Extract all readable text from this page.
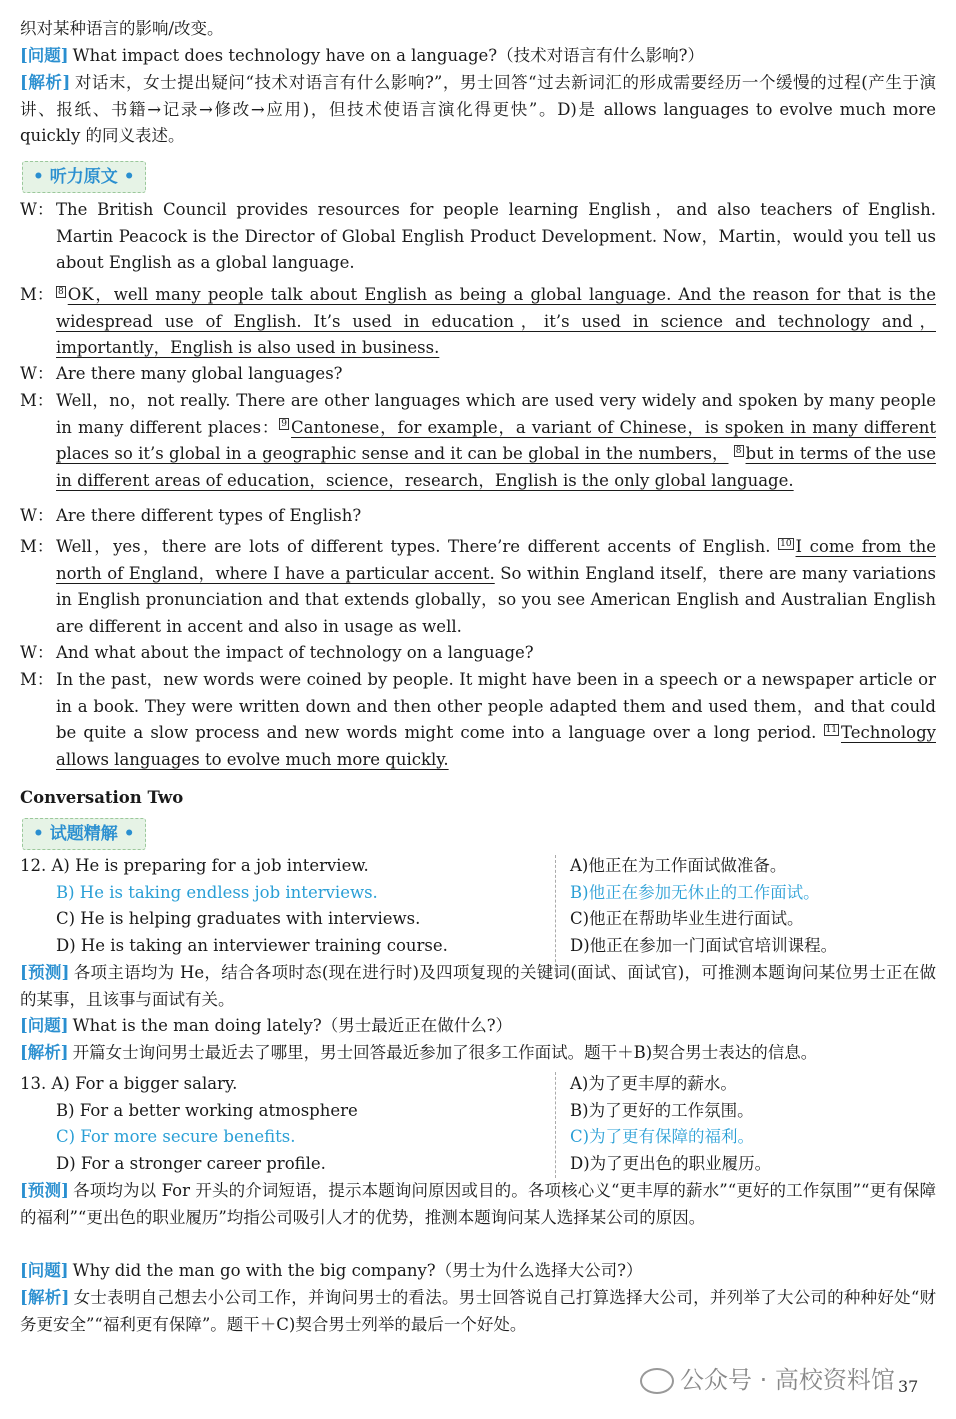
织对某种语言的影响/改变。

[问题] What impact does technology have on a language?（技术对语言有什么影响?）

[解析] 对话末，女士提出疑问“技术对语言有什么影响?”，男士回答“过去新词汇的形成需要经历一个缓慢的过程(产生于演讲、报纸、书籍→记录→修改→应用)，但技术使语言演化得更快”。D)是 allows languages to evolve much more quickly 的同义表述。

• 听力原文 •
W： The British Council provides resources for people learning English，and also teachers of English. Martin Peacock is the Director of Global English Product Development. Now，Martin，would you tell us about English as a global language.
M： 8 OK，well many people talk about English as being a global language. And the reason for that is the widespread use of English. It’s used in education，it’s used in science and technology and，importantly，English is also used in business.
W： Are there many global languages?
M： Well，no，not really. There are other languages which are used very widely and spoken by many people in many different places： 9 Cantonese，for example，a variant of Chinese，is spoken in many different places so it’s global in a geographic sense and it can be global in the numbers， 8 but in terms of the use in different areas of education，science，research，English is the only global language.
W： Are there different types of English?
M： Well，yes，there are lots of different types. There’re different accents of English. 10 I come from the north of England，where I have a particular accent. So within England itself，there are many variations in English pronunciation and that extends globally，so you see American English and Australian English are different in accent and also in usage as well.
W： And what about the impact of technology on a language?
M： In the past，new words were coined by people. It might have been in a speech or a newspaper article or in a book. They were written down and then other people adapted them and used them，and that could be quite a slow process and new words might come into a language over a long period. 11 Technology allows languages to evolve much more quickly.
Conversation Two
• 试题精解 •
12. A) He is preparing for a job interview.	A)他正在为工作面试做准备。
B) He is taking endless job interviews.	B)他正在参加无休止的工作面试。
C) He is helping graduates with interviews.	C)他正在帮助毕业生进行面试。
D) He is taking an interviewer training course.	D)他正在参加一门面试官培训课程。

[预测] 各项主语均为 He，结合各项时态(现在进行时)及四项复现的关键词(面试、面试官)，可推测本题询问某位男士正在做的某事，且该事与面试有关。

[问题] What is the man doing lately?（男士最近正在做什么?）

[解析] 开篇女士询问男士最近去了哪里，男士回答最近参加了很多工作面试。题干＋B)契合男士表达的信息。

13. A) For a bigger salary.	A)为了更丰厚的薪水。
B) For a better working atmosphere	B)为了更好的工作氛围。
C) For more secure benefits.	C)为了更有保障的福利。
D) For a stronger career profile.	D)为了更出色的职业履历。

[预测] 各项均为以 For 开头的介词短语，提示本题询问原因或目的。各项核心义“更丰厚的薪水”“更好的工作氛围”“更有保障的福利”“更出色的职业履历”均指公司吸引人才的优势，推测本题询问某人选择某公司的原因。

[问题] Why did the man go with the big company?（男士为什么选择大公司?）

[解析] 女士表明自己想去小公司工作，并询问男士的看法。男士回答说自己打算选择大公司，并列举了大公司的种种好处“财务更安全”“福利更有保障”。题干＋C)契合男士列举的最后一个好处。

公众号 · 高校资料馆 37
